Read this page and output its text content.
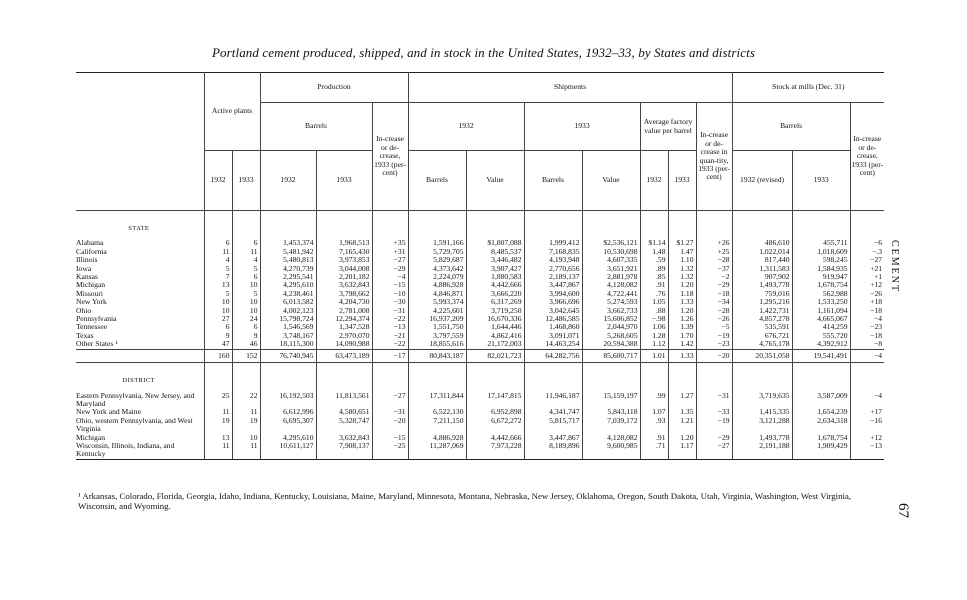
Portland cement produced, shipped, and in stock in the United States, 1932–33, by States and districts
	Active plants		Production			Shipments							Stock at mills (Dec. 31)		
			Barrels		In-crease or de-crease, 1933 (per-cent)	1932		1933		Average factory value per barrel		In-crease or de-crease in quan-tity, 1933 (per-cent)	Barrels		In-crease or de-crease, 1933 (per-cent)

	1932	1933	1932	1933		Barrels	Value	Barrels	Value	1932	1933		1932 (revised)	1933	
STATE															
Alabama	6	6	1,453,374	1,968,513	+35	1,591,166	$1,807,088	1,999,412	$2,536,121	$1.14	$1.27	+26	486,610	455,711	−6
California	11	11	5,481,942	7,165,430	+31	5,729,705	8,485,537	7,168,835	10,530,698	1.48	1.47	+25	1,022,014	1,018,609	−.3
Illinois	4	4	5,480,813	3,973,853	−27	5,829,687	3,446,482	4,193,948	4,607,335	.59	1.10	−28	817,440	598,245	−27
Iowa	5	5	4,270,739	3,044,008	−29	4,373,642	3,907,427	2,770,656	3,651,921	.89	1.32	−37	1,311,583	1,584,935	+21
Kansas	7	6	2,295,541	2,201,182	−4	2,224,079	1,880,583	2,189,137	2,881,978	.85	1.32	−2	907,902	919,947	+1
Michigan	13	10	4,295,610	3,632,843	−15	4,886,928	4,442,666	3,447,867	4,128,082	.91	1.20	−29	1,493,778	1,678,754	+12
Missouri	5	5	4,238,461	3,798,662	−10	4,846,871	3,666,220	3,994,600	4,722,441	.76	1.18	−18	759,016	562,988	−26
New York	10	10	6,013,582	4,204,730	−30	5,993,374	6,317,269	3,966,696	5,274,593	1.05	1.33	−34	1,295,216	1,533,250	+18
Ohio	10	10	4,002,123	2,781,008	−31	4,225,601	3,719,250	3,042,645	3,662,733	.88	1.20	−28	1,422,731	1,161,094	−18
Pennsylvania	27	24	15,798,724	12,294,374	−22	16,937,209	16,670,336	12,486,585	15,606,852	−.98	1.26	−26	4,857,278	4,665,067	−4
Tennessee	6	6	1,546,569	1,347,528	−13	1,551,750	1,644,446	1,468,860	2,044,970	1.06	1.39	−5	535,591	414,259	−23
Texas	9	9	3,748,167	2,970,070	−21	3,797,559	4,862,416	3,091,071	5,268,605	1.28	1.70	−19	676,721	555,720	−18
Other States ¹	47	46	18,115,300	14,090,988	−22	18,855,616	21,172,003	14,463,254	20,594,388	1.12	1.42	−23	4,765,178	4,392,912	−8
	160	152	76,740,945	63,473,189	−17	80,843,187	82,021,723	64,282,756	85,600,717	1.01	1.33	−20	20,351,058	19,541,491	−4
DISTRICT															
Eastern Pennsylvania, New Jersey, and Maryland	25	22	16,192,503	11,813,561	−27	17,311,844	17,147,815	11,946,187	15,159,197	.99	1.27	−31	3,719,635	3,587,009	−4
New York and Maine	11	11	6,612,996	4,580,651	−31	6,522,130	6,952,898	4,341,747	5,843,118	1.07	1.35	−33	1,415,335	1,654,239	+17
Ohio, western Pennsylvania, and West Virginia	19	19	6,695,307	5,328,747	−20	7,211,150	6,672,272	5,815,717	7,039,172	.93	1.21	−19	3,121,288	2,634,318	−16
Michigan	13	10	4,295,610	3,632,843	−15	4,886,928	4,442,666	3,447,867	4,128,082	.91	1.20	−29	1,493,778	1,678,754	+12
Wisconsin, Illinois, Indiana, and Kentucky	11	11	10,611,127	7,908,137	−25	11,287,069	7,973,228	8,189,896	9,600,985	.71	1.17	−27	2,191,188	1,909,429	−13
¹ Arkansas, Colorado, Florida, Georgia, Idaho, Indiana, Kentucky, Louisiana, Maine, Maryland, Minnesota, Montana, Nebraska, New Jersey, Oklahoma, Oregon, South Dakota, Utah, Virginia, Washington, West Virginia, Wisconsin, and Wyoming.
CEMENT
67
